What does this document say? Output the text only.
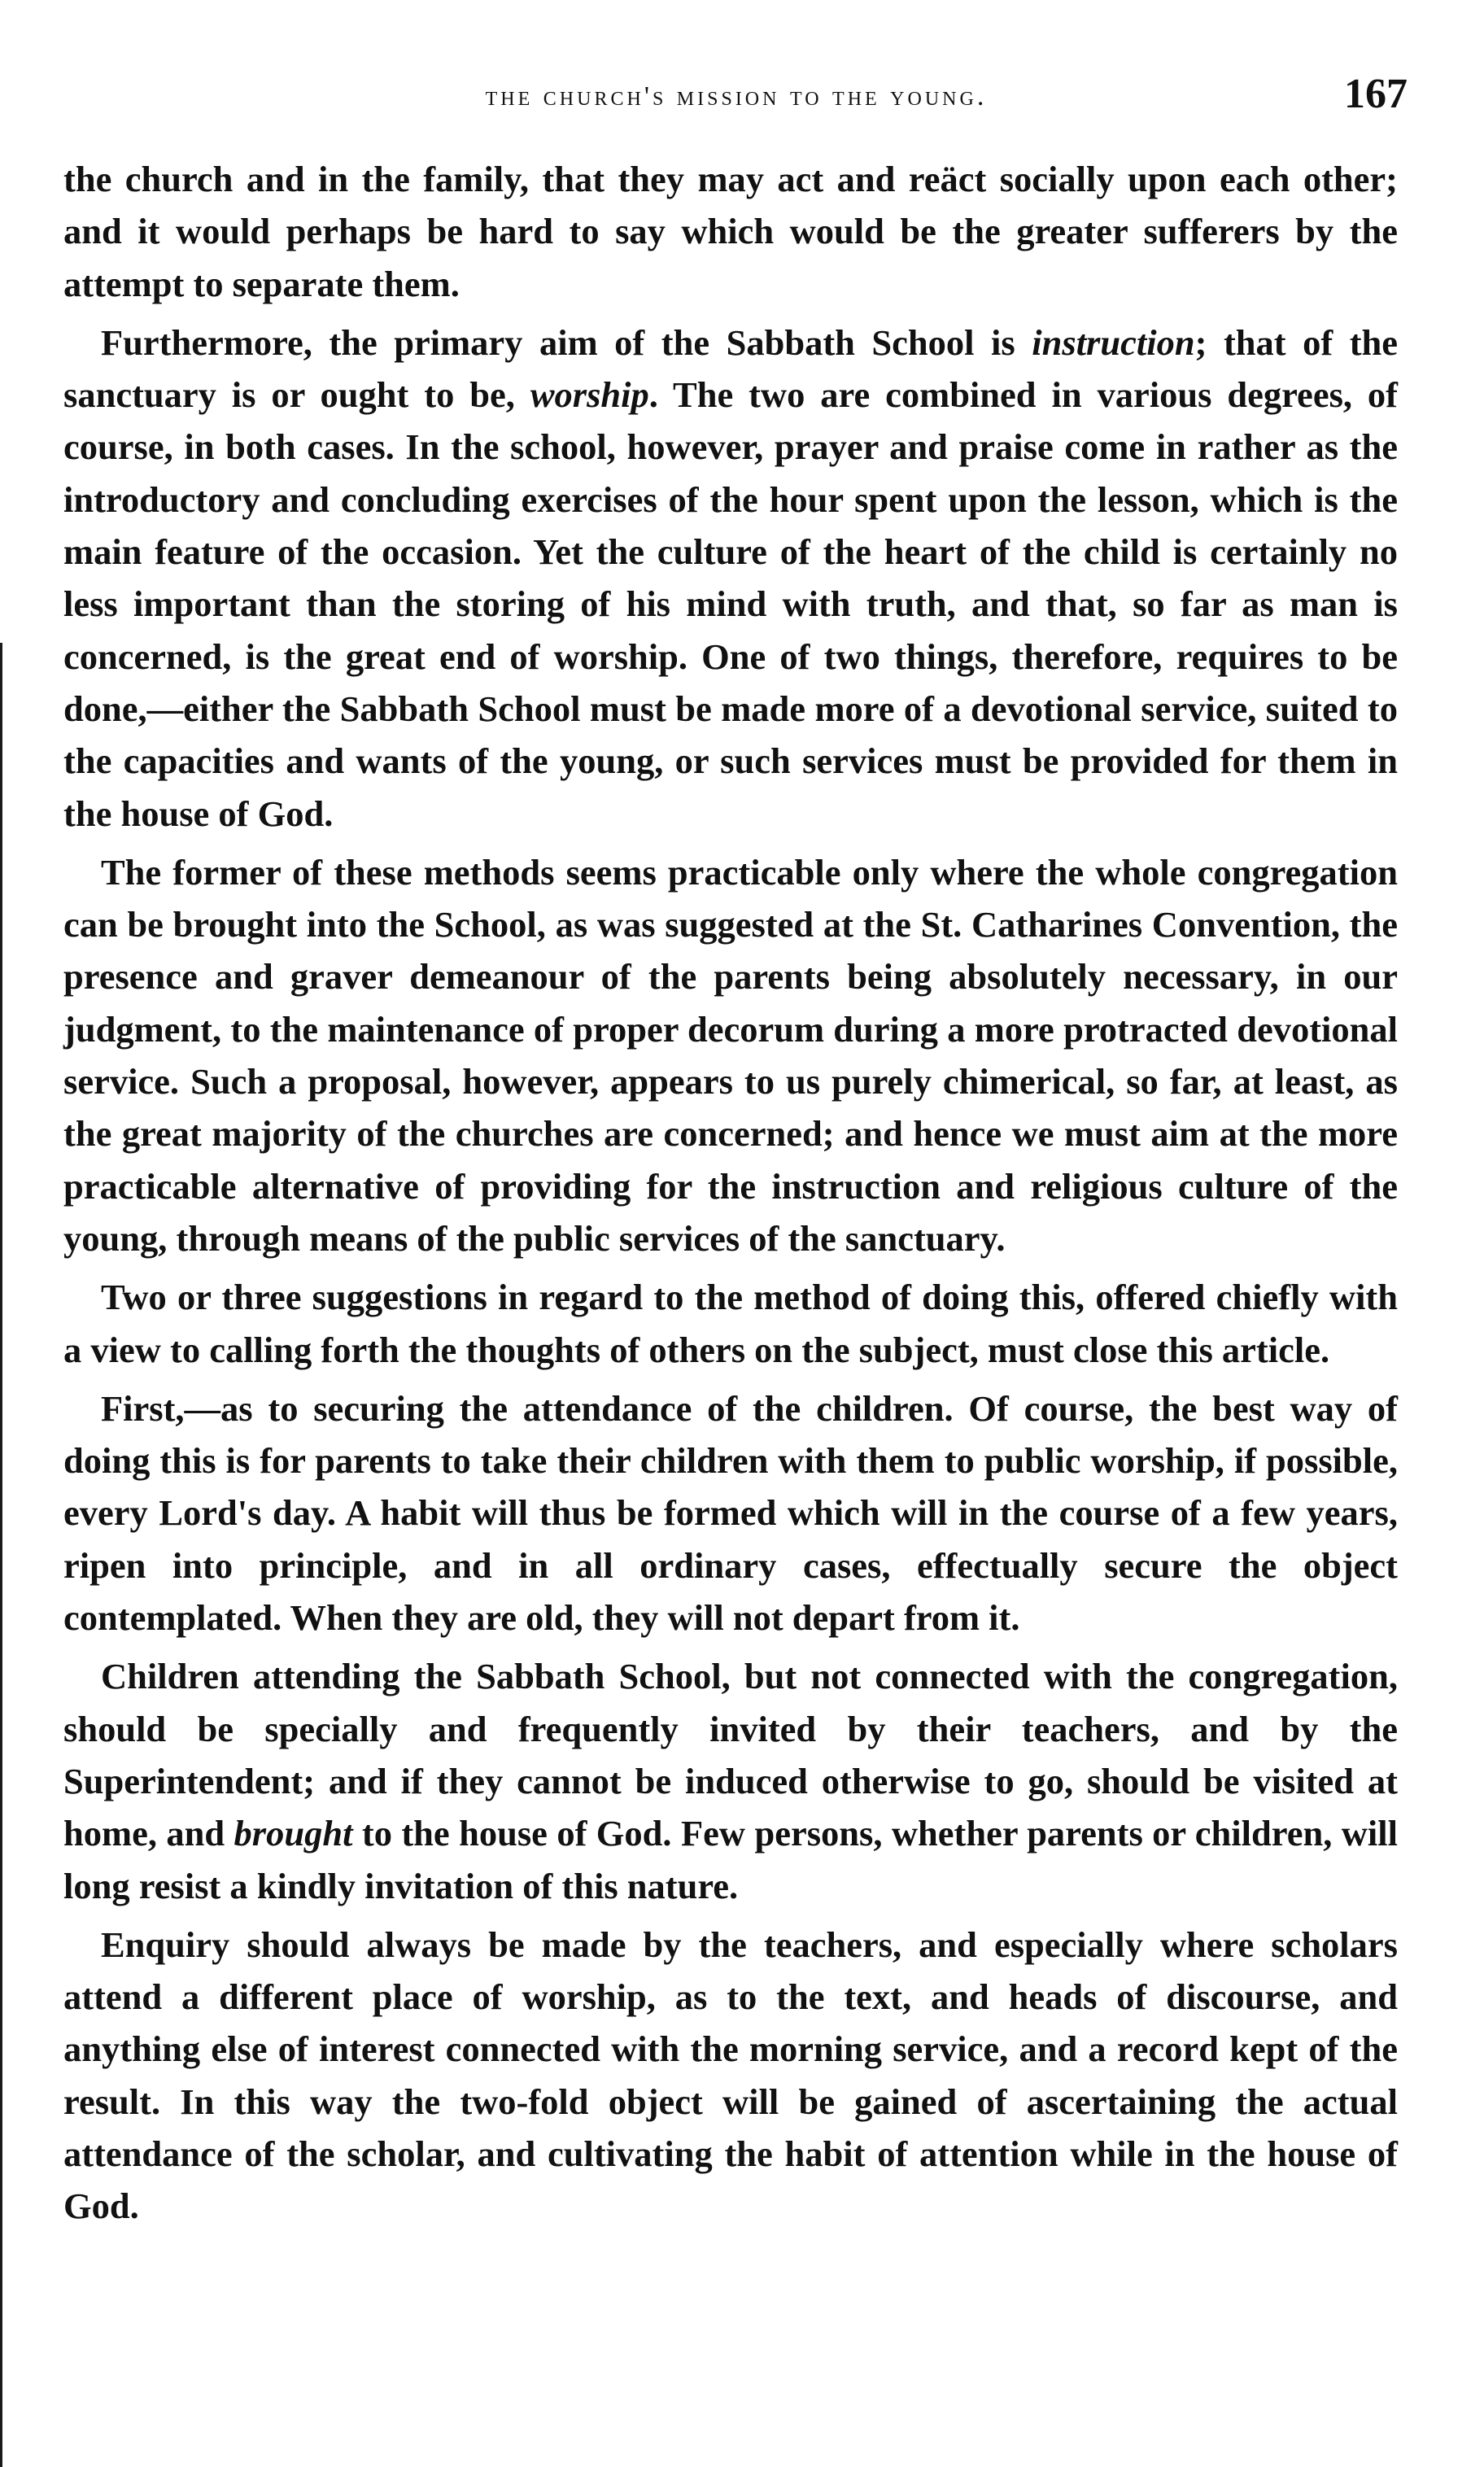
the church's mission to the young.	167

the church and in the family, that they may act and reäct socially upon each other; and it would perhaps be hard to say which would be the greater sufferers by the attempt to separate them.

Furthermore, the primary aim of the Sabbath School is instruction; that of the sanctuary is or ought to be, worship. The two are combined in various degrees, of course, in both cases. In the school, however, prayer and praise come in rather as the introductory and concluding exercises of the hour spent upon the lesson, which is the main feature of the occasion. Yet the culture of the heart of the child is certainly no less important than the storing of his mind with truth, and that, so far as man is concerned, is the great end of worship. One of two things, therefore, requires to be done,—either the Sabbath School must be made more of a devotional service, suited to the capacities and wants of the young, or such services must be provided for them in the house of God.

The former of these methods seems practicable only where the whole congregation can be brought into the School, as was suggested at the St. Catharines Convention, the presence and graver demeanour of the parents being absolutely necessary, in our judgment, to the maintenance of proper decorum during a more protracted devotional service. Such a proposal, however, appears to us purely chimerical, so far, at least, as the great majority of the churches are concerned; and hence we must aim at the more practicable alternative of providing for the instruction and religious culture of the young, through means of the public services of the sanctuary.

Two or three suggestions in regard to the method of doing this, offered chiefly with a view to calling forth the thoughts of others on the subject, must close this article.

First,—as to securing the attendance of the children. Of course, the best way of doing this is for parents to take their children with them to public worship, if possible, every Lord's day. A habit will thus be formed which will in the course of a few years, ripen into principle, and in all ordinary cases, effectually secure the object contemplated. When they are old, they will not depart from it.

Children attending the Sabbath School, but not connected with the congregation, should be specially and frequently invited by their teachers, and by the Superintendent; and if they cannot be induced otherwise to go, should be visited at home, and brought to the house of God. Few persons, whether parents or children, will long resist a kindly invitation of this nature.

Enquiry should always be made by the teachers, and especially where scholars attend a different place of worship, as to the text, and heads of discourse, and anything else of interest connected with the morning service, and a record kept of the result. In this way the two-fold object will be gained of ascertaining the actual attendance of the scholar, and cultivating the habit of attention while in the house of God.
